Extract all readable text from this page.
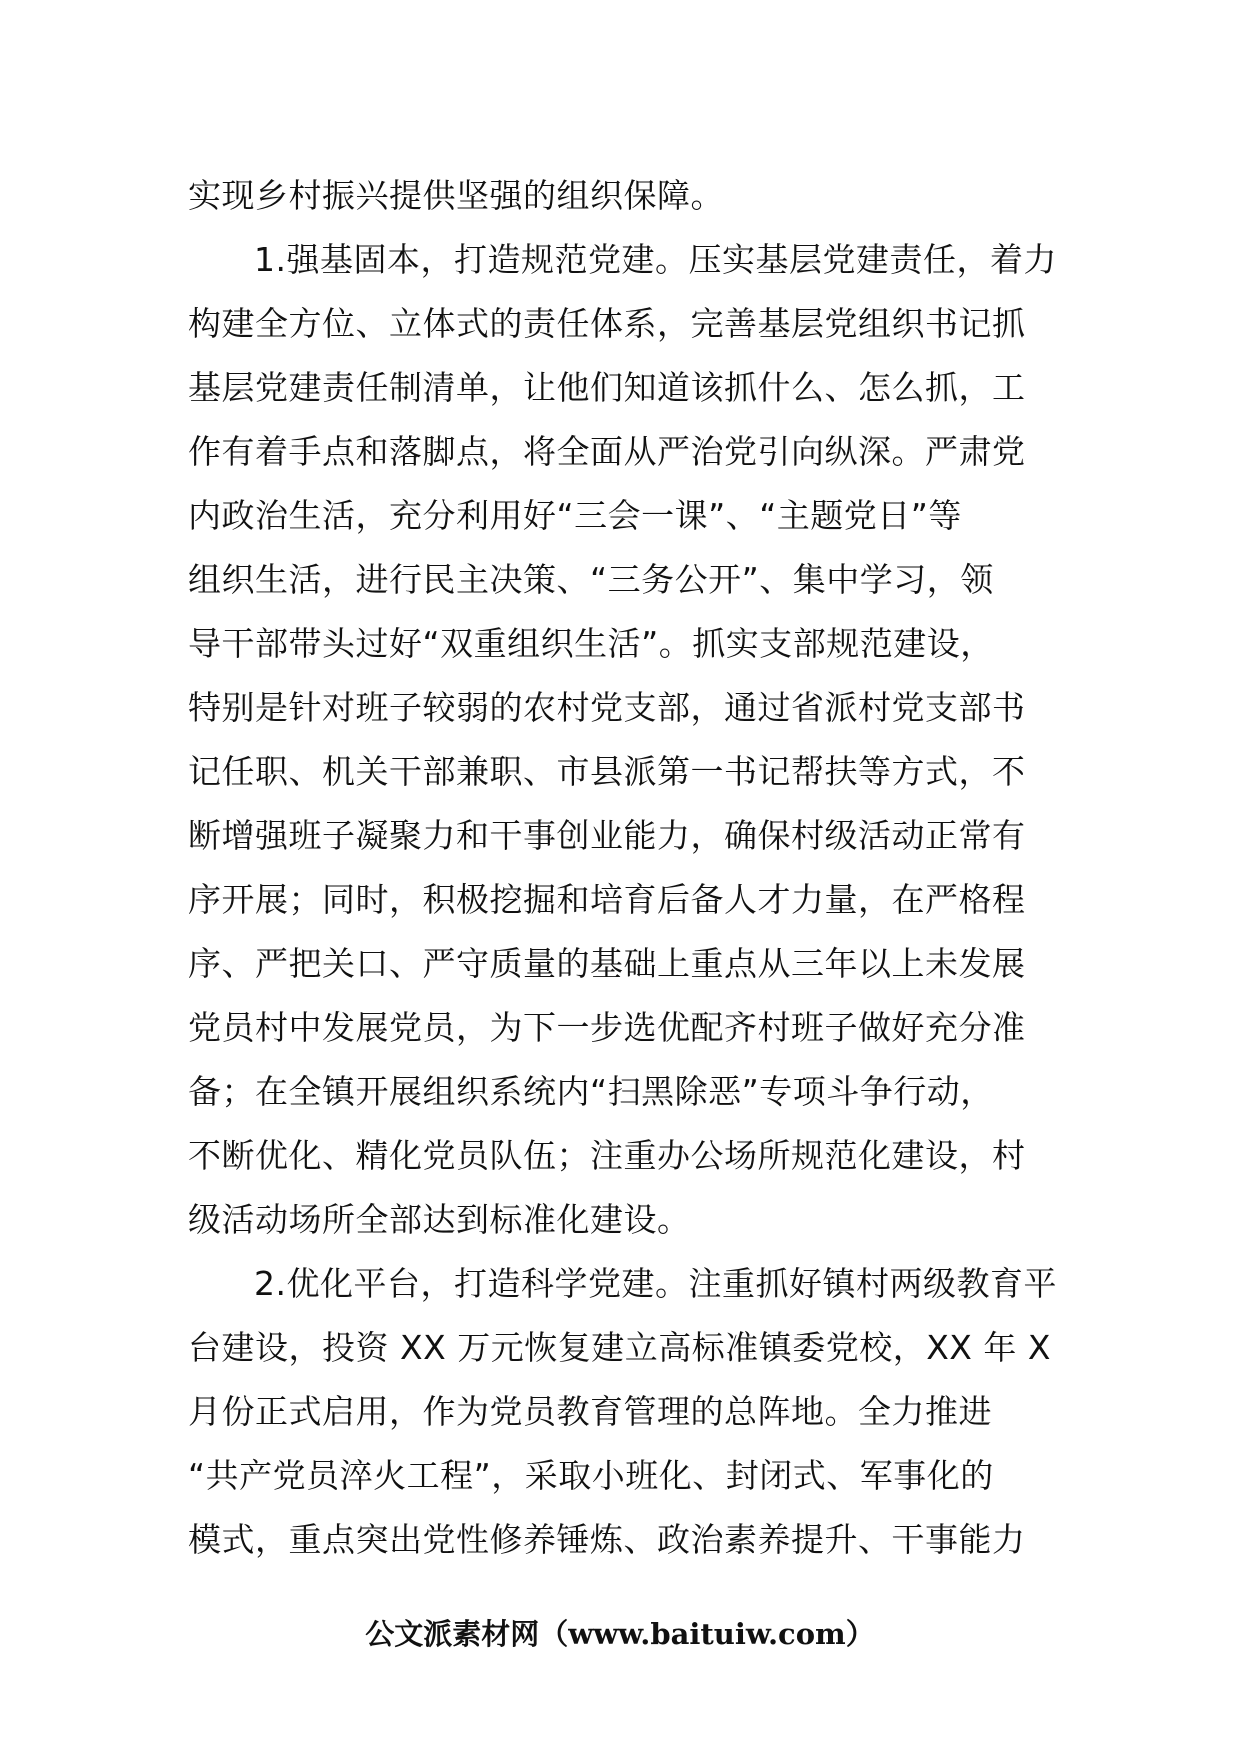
实现乡村振兴提供坚强的组织保障。
1.强基固本，打造规范党建。压实基层党建责任，着力
构建全方位、立体式的责任体系，完善基层党组织书记抓
基层党建责任制清单，让他们知道该抓什么、怎么抓，工
作有着手点和落脚点，将全面从严治党引向纵深。严肃党
内政治生活，充分利用好“三会一课”、“主题党日”等
组织生活，进行民主决策、“三务公开”、集中学习，领
导干部带头过好“双重组织生活”。抓实支部规范建设，
特别是针对班子较弱的农村党支部，通过省派村党支部书
记任职、机关干部兼职、市县派第一书记帮扶等方式，不
断增强班子凝聚力和干事创业能力，确保村级活动正常有
序开展；同时，积极挖掘和培育后备人才力量，在严格程
序、严把关口、严守质量的基础上重点从三年以上未发展
党员村中发展党员，为下一步选优配齐村班子做好充分准
备；在全镇开展组织系统内“扫黑除恶”专项斗争行动，
不断优化、精化党员队伍；注重办公场所规范化建设，村
级活动场所全部达到标准化建设。
2.优化平台，打造科学党建。注重抓好镇村两级教育平
台建设，投资 XX 万元恢复建立高标准镇委党校，XX 年 X
月份正式启用，作为党员教育管理的总阵地。全力推进
“共产党员淬火工程”，采取小班化、封闭式、军事化的
模式，重点突出党性修养锤炼、政治素养提升、干事能力
公文派素材网（www.baituiw.com）
